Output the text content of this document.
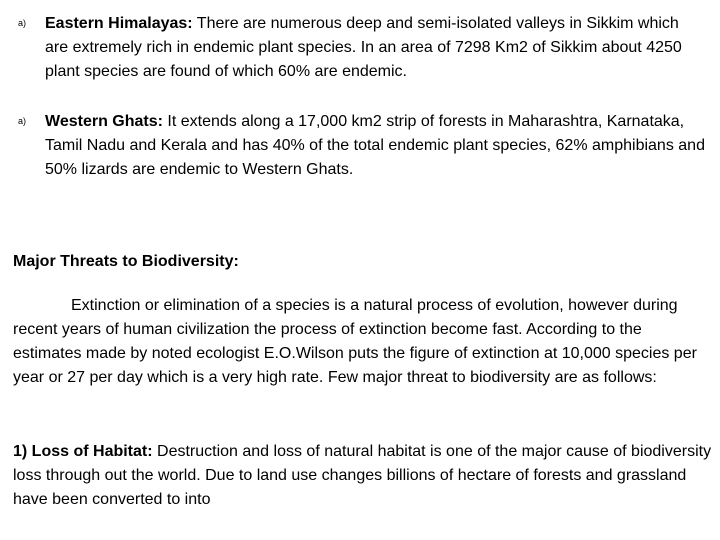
a) Eastern Himalayas: There are numerous deep and semi-isolated valleys in Sikkim which are extremely rich in endemic plant species. In an area of 7298 Km2 of Sikkim about 4250 plant species are found of which 60% are endemic.
a) Western Ghats: It extends along a 17,000 km2 strip of forests in Maharashtra, Karnataka, Tamil Nadu and Kerala and has 40% of the total endemic plant species, 62% amphibians and 50% lizards are endemic to Western Ghats.
Major Threats to Biodiversity:
Extinction or elimination of a species is a natural process of evolution, however during recent years of human civilization the process of extinction become fast. According to the estimates made by noted ecologist E.O.Wilson puts the figure of extinction at 10,000 species per year or 27 per day which is a very high rate. Few major threat to biodiversity are as follows:
1) Loss of Habitat: Destruction and loss of natural habitat is one of the major cause of biodiversity loss through out the world. Due to land use changes billions of hectare of forests and grassland have been converted to into
